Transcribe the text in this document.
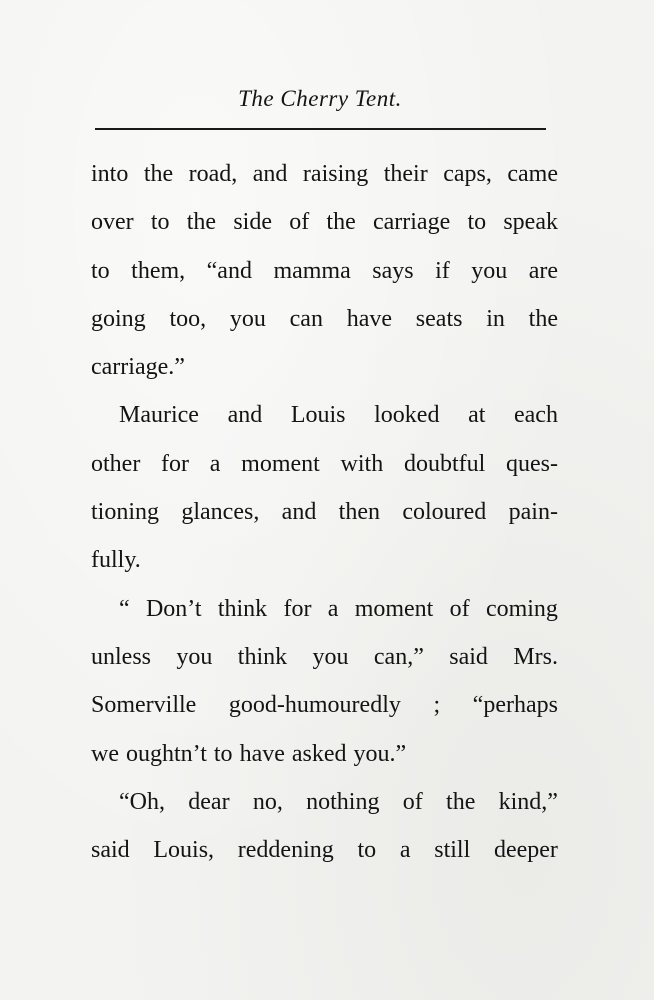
The Cherry Tent.
into the road, and raising their caps, came
over to the side of the carriage to speak
to them, “and mamma says if you are
going too, you can have seats in the
carriage.”
Maurice and Louis looked at each
other for a moment with doubtful ques-
tioning glances, and then coloured pain-
fully.
“ Don’t think for a moment of coming
unless you think you can,” said Mrs.
Somerville good-humouredly ; “perhaps
we oughtn’t to have asked you.”
“Oh, dear no, nothing of the kind,”
said Louis, reddening to a still deeper
